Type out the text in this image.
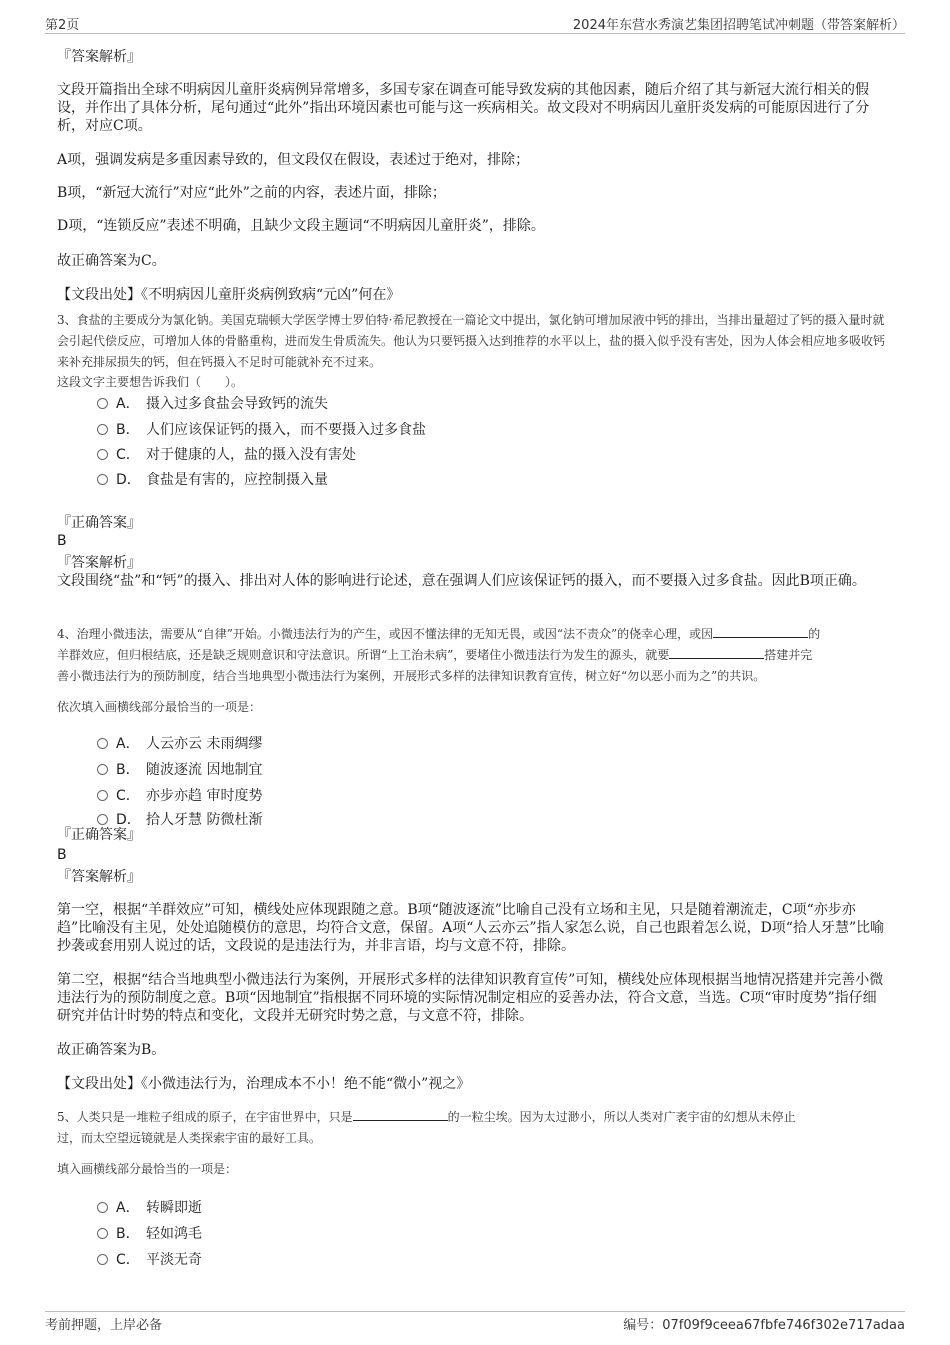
第2页	2024年东营水秀演艺集团招聘笔试冲刺题（带答案解析）
『答案解析』
文段开篇指出全球不明病因儿童肝炎病例异常增多，多国专家在调查可能导致发病的其他因素，随后介绍了其与新冠大流行相关的假设，并作出了具体分析，尾句通过“此外”指出环境因素也可能与这一疾病相关。故文段对不明病因儿童肝炎发病的可能原因进行了分析，对应C项。
A项，强调发病是多重因素导致的，但文段仅在假设，表述过于绝对，排除；
B项，“新冠大流行”对应“此外”之前的内容，表述片面，排除；
D项，“连锁反应”表述不明确，且缺少文段主题词“不明病因儿童肝炎”，排除。
故正确答案为C。
【文段出处】《不明病因儿童肝炎病例致病“元凶”何在》
3、食盐的主要成分为氯化钠。美国克瑞顿大学医学博士罗伯特·希尼教授在一篇论文中提出，氯化钠可增加尿液中钙的排出，当排出量超过了钙的摄入量时就会引起代偿反应，可增加人体的骨骼重构，进而发生骨质流失。他认为只要钙摄入达到推荐的水平以上，盐的摄入似乎没有害处，因为人体会相应地多吸收钙来补充排尿损失的钙，但在钙摄入不足时可能就补充不过来。
这段文字主要想告诉我们（　　）。
A． 摄入过多食盐会导致钙的流失
B． 人们应该保证钙的摄入，而不要摄入过多食盐
C． 对于健康的人，盐的摄入没有害处
D． 食盐是有害的，应控制摄入量
『正确答案』
B
『答案解析』
文段围绕“盐”和“钙”的摄入、排出对人体的影响进行论述，意在强调人们应该保证钙的摄入，而不要摄入过多食盐。因此B项正确。
4、治理小微违法，需要从“自律”开始。小微违法行为的产生，或因不懂法律的无知无畏，或因“法不责众”的侥幸心理，或因	的
羊群效应，但归根结底，还是缺乏规则意识和守法意识。所谓“上工治未病”，要堵住小微违法行为发生的源头，就要	搭建并完
善小微违法行为的预防制度，结合当地典型小微违法行为案例，开展形式多样的法律知识教育宣传，树立好“勿以恶小而为之”的共识。
依次填入画横线部分最恰当的一项是：
A． 人云亦云 未雨绸缪
B． 随波逐流 因地制宜
C． 亦步亦趋 审时度势
D． 拾人牙慧 防微杜渐
『正确答案』
B
『答案解析』
第一空，根据“羊群效应”可知，横线处应体现跟随之意。B项“随波逐流”比喻自己没有立场和主见，只是随着潮流走，C项“亦步亦趋”比喻没有主见，处处追随模仿的意思，均符合文意，保留。A项“人云亦云”指人家怎么说，自己也跟着怎么说，D项“拾人牙慧”比喻抄袭或套用别人说过的话，文段说的是违法行为，并非言语，均与文意不符，排除。
第二空，根据“结合当地典型小微违法行为案例，开展形式多样的法律知识教育宣传”可知，横线处应体现根据当地情况搭建并完善小微违法行为的预防制度之意。B项“因地制宜”指根据不同环境的实际情况制定相应的妥善办法，符合文意，当选。C项“审时度势”指仔细研究并估计时势的特点和变化，文段并无研究时势之意，与文意不符，排除。
故正确答案为B。
【文段出处】《小微违法行为，治理成本不小！绝不能“微小”视之》
5、人类只是一堆粒子组成的原子，在宇宙世界中，只是	的一粒尘埃。因为太过渺小，所以人类对广袤宇宙的幻想从未停止
过，而太空望远镜就是人类探索宇宙的最好工具。
填入画横线部分最恰当的一项是：
A． 转瞬即逝
B． 轻如鸿毛
C． 平淡无奇
考前押题，上岸必备	编号：07f09f9ceea67fbfe746f302e717adaa
